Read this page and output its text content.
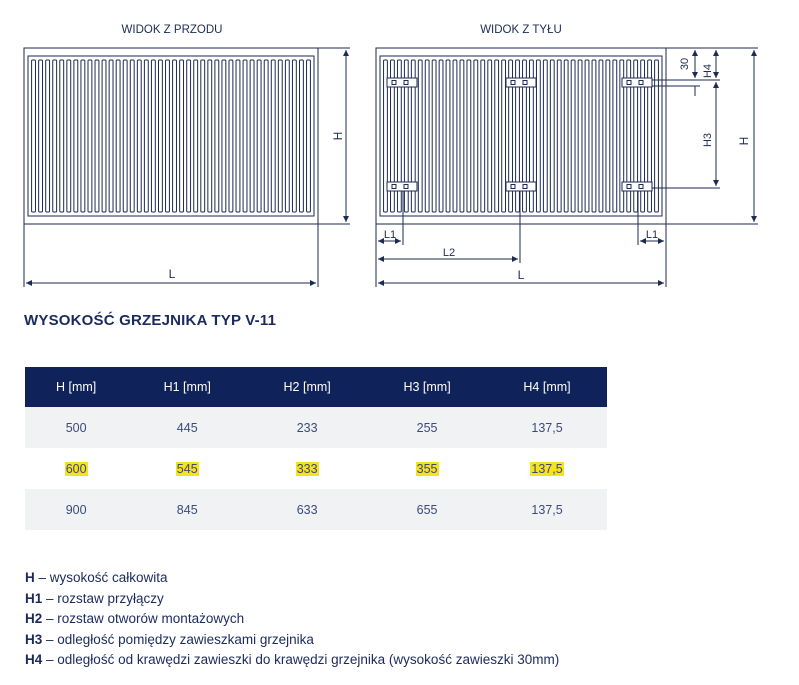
WIDOK Z PRZODU	WIDOK Z TYŁU
H
L
30 H4
H3 H
L1	L1
L2
L
WYSOKOŚĆ GRZEJNIKA TYP V-11
H [mm]	H1 [mm]	H2 [mm]	H3 [mm]	H4 [mm]
500	445	233	255	137,5
600	545	333	355	137,5
900	845	633	655	137,5
H – wysokość całkowita
H1 – rozstaw przyłączy
H2 – rozstaw otworów montażowych
H3 – odległość pomiędzy zawieszkami grzejnika
H4 – odległość od krawędzi zawieszki do krawędzi grzejnika (wysokość zawieszki 30mm)
